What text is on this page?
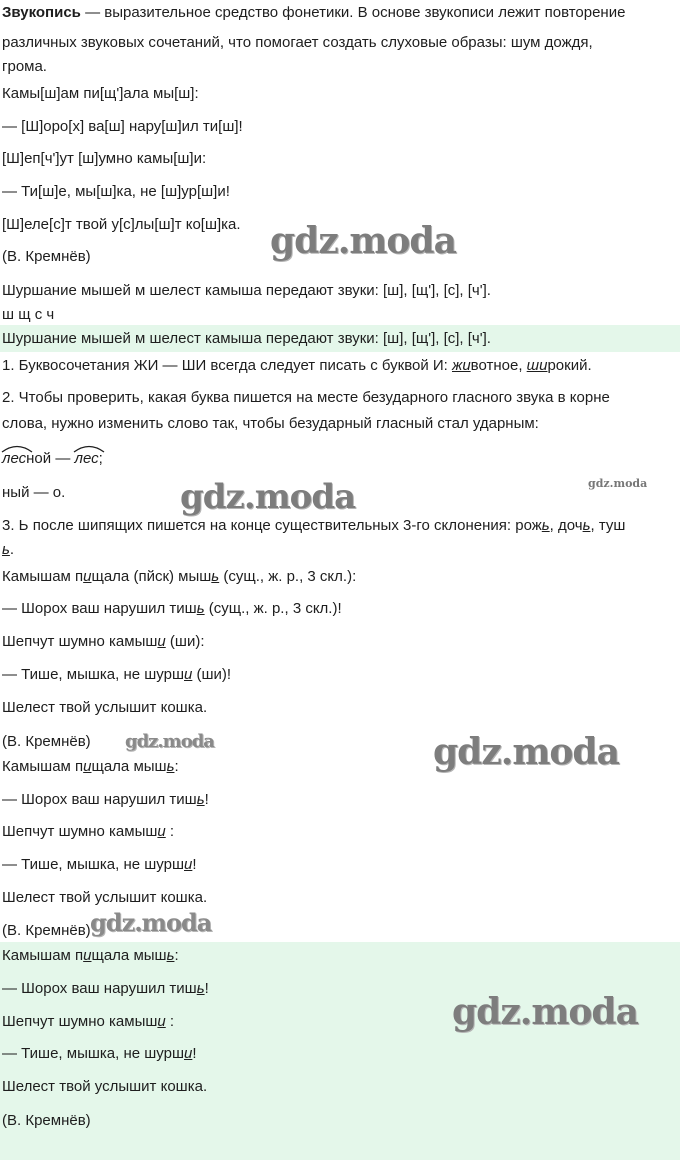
Звукопись — выразительное средство фонетики. В основе звукописи лежит повторение
различных звуковых сочетаний, что помогает создать слуховые образы: шум дождя,
грома.
Камы[ш]ам пи[щ']ала мы[ш]:
— [Ш]оро[х] ва[ш] нару[ш]ил ти[ш]!
[Ш]еп[ч']ут [ш]умно камы[ш]и:
— Ти[ш]е, мы[ш]ка, не [ш]ур[ш]и!
[Ш]еле[с]т твой у[с]лы[ш]т ко[ш]ка.
(В. Кремнёв)
Шуршание мышей м шелест камыша передают звуки: [ш], [щ'], [с], [ч'].
ш щ с ч
Шуршание мышей м шелест камыша передают звуки: [ш], [щ'], [с], [ч'].
1. Буквосочетания ЖИ — ШИ всегда следует писать с буквой И: животное, широкий.
2. Чтобы проверить, какая буква пишется на месте безударного гласного звука в корне
слова, нужно изменить слово так, чтобы безударный гласный стал ударным:
лесной —
лес;
ный — о.
3. Ь после шипящих пишется на конце существительных 3-го склонения: рожь, дочь, туш
ь.
Камышам пищала (пйск) мышь (сущ., ж. р., 3 скл.):
— Шорох ваш нарушил тишь (сущ., ж. р., 3 скл.)!
Шепчут шумно камыши (ши):
— Тише, мышка, не шурши (ши)!
Шелест твой услышит кошка.
(В. Кремнёв)
Камышам пищала мышь:
— Шорох ваш нарушил тишь!
Шепчут шумно камыши :
— Тише, мышка, не шурши!
Шелест твой услышит кошка.
(В. Кремнёв)
Камышам пищала мышь:
— Шорох ваш нарушил тишь!
Шепчут шумно камыши :
— Тише, мышка, не шурши!
Шелест твой услышит кошка.
(В. Кремнёв)
gdz.moda
gdz.moda	gdz.moda
gdz.moda	gdz.moda
gdz.moda
gdz.moda
